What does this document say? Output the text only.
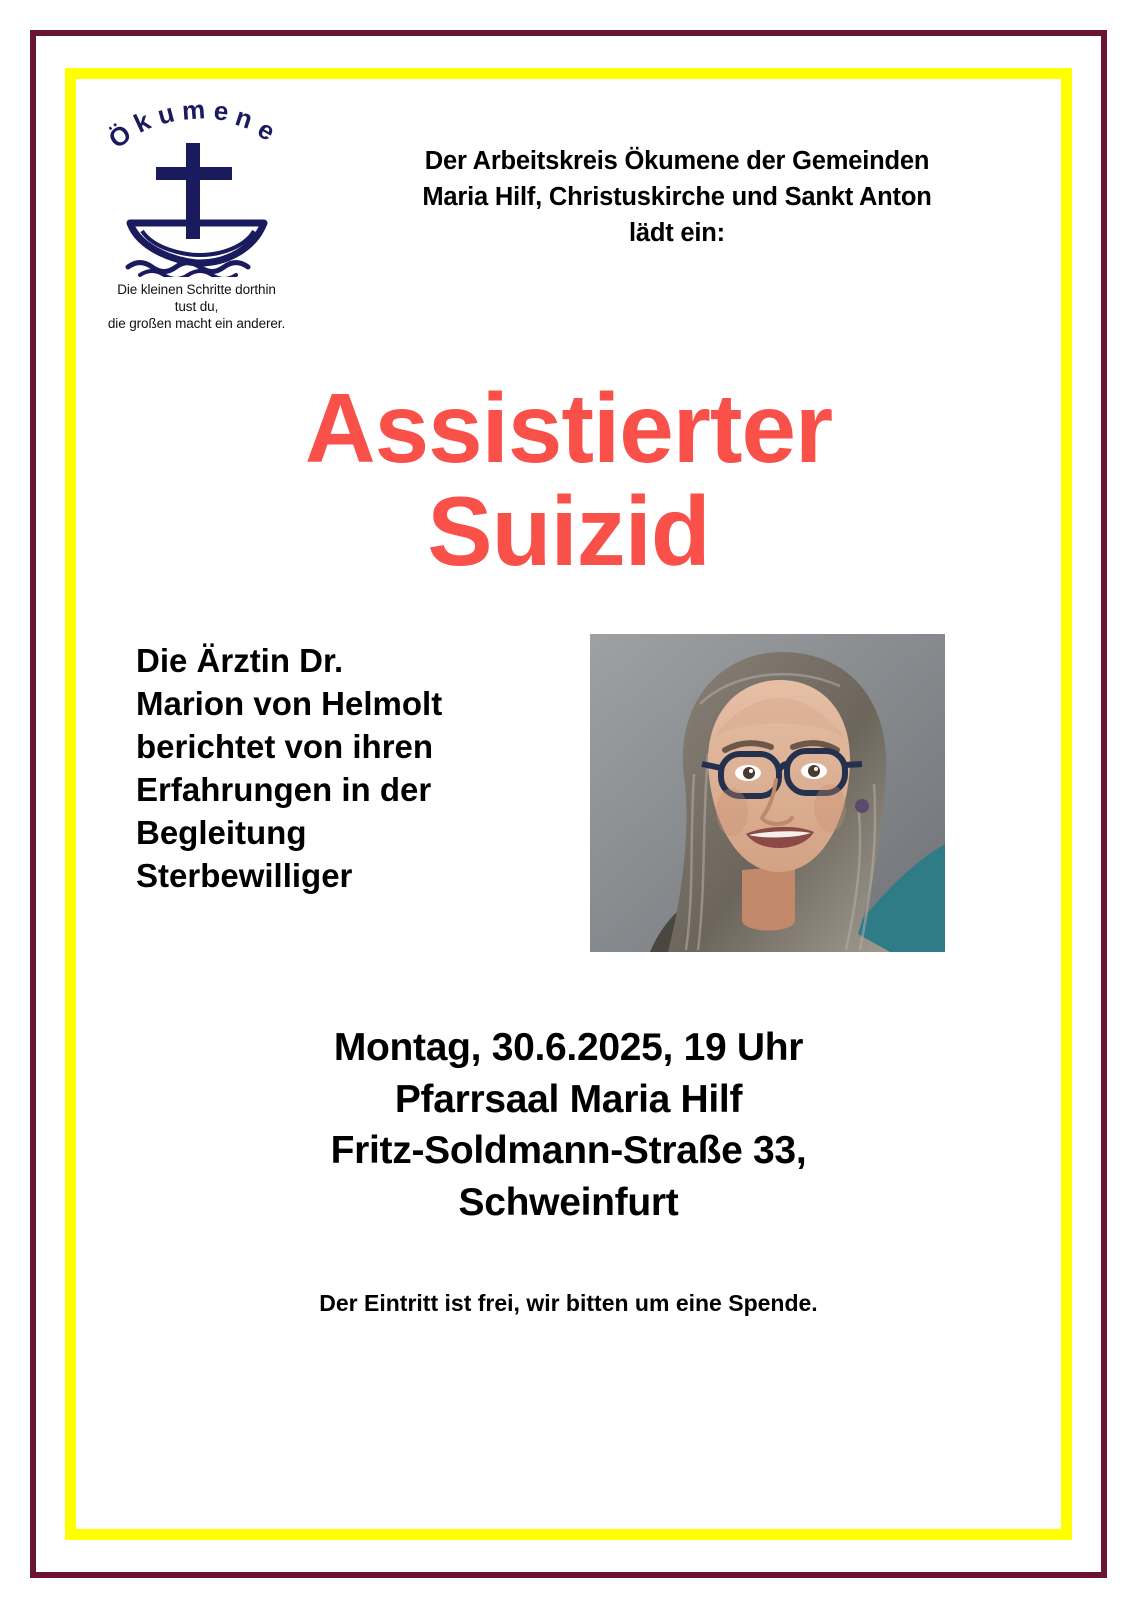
Ö
k u m e n
e
Die kleinen Schritte dorthin
tust du,
die großen macht ein anderer.
Der Arbeitskreis Ökumene der Gemeinden
Maria Hilf, Christuskirche und Sankt Anton
lädt ein:
Assistierter
Suizid
Die Ärztin Dr.
Marion von Helmolt
berichtet von ihren
Erfahrungen in der
Begleitung
Sterbewilliger
Montag, 30.6.2025, 19 Uhr
Pfarrsaal Maria Hilf
Fritz-Soldmann-Straße 33,
Schweinfurt
Der Eintritt ist frei, wir bitten um eine Spende.
